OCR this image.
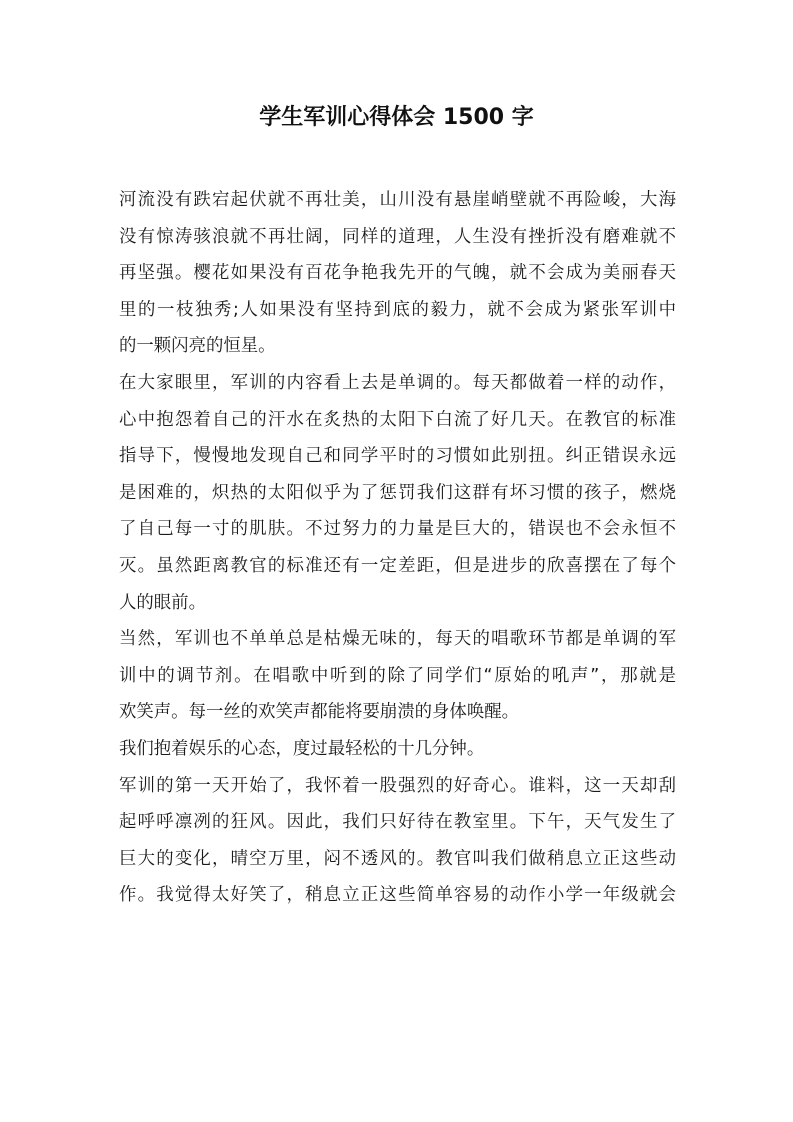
学生军训心得体会 1500 字
河流没有跌宕起伏就不再壮美，山川没有悬崖峭壁就不再险峻，大海
没有惊涛骇浪就不再壮阔，同样的道理，人生没有挫折没有磨难就不
再坚强。樱花如果没有百花争艳我先开的气魄，就不会成为美丽春天
里的一枝独秀;人如果没有坚持到底的毅力，就不会成为紧张军训中
的一颗闪亮的恒星。
在大家眼里，军训的内容看上去是单调的。每天都做着一样的动作，
心中抱怨着自己的汗水在炙热的太阳下白流了好几天。在教官的标准
指导下，慢慢地发现自己和同学平时的习惯如此别扭。纠正错误永远
是困难的，炽热的太阳似乎为了惩罚我们这群有坏习惯的孩子，燃烧
了自己每一寸的肌肤。不过努力的力量是巨大的，错误也不会永恒不
灭。虽然距离教官的标准还有一定差距，但是进步的欣喜摆在了每个
人的眼前。
当然，军训也不单单总是枯燥无味的，每天的唱歌环节都是单调的军
训中的调节剂。在唱歌中听到的除了同学们“原始的吼声”，那就是
欢笑声。每一丝的欢笑声都能将要崩溃的身体唤醒。
我们抱着娱乐的心态，度过最轻松的十几分钟。
军训的第一天开始了，我怀着一股强烈的好奇心。谁料，这一天却刮
起呼呼凛冽的狂风。因此，我们只好待在教室里。下午，天气发生了
巨大的变化，晴空万里，闷不透风的。教官叫我们做稍息立正这些动
作。我觉得太好笑了，稍息立正这些简单容易的动作小学一年级就会
